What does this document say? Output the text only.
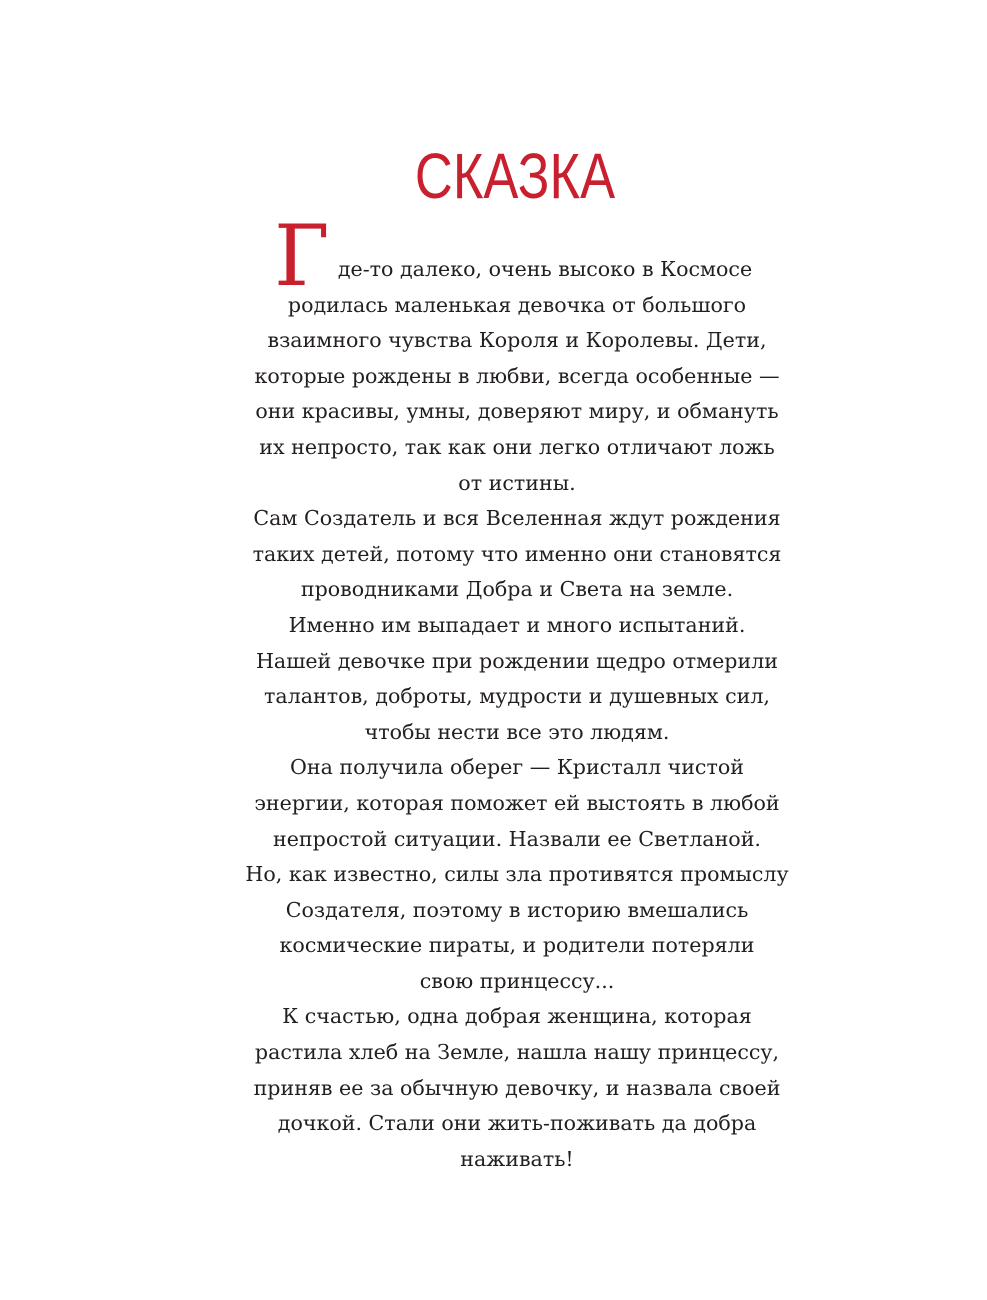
СКАЗКА
Г де-то далеко, очень высоко в Космосе
родилась маленькая девочка от большого
взаимного чувства Короля и Королевы. Дети,
которые рождены в любви, всегда особенные —
они красивы, умны, доверяют миру, и обмануть
их непросто, так как они легко отличают ложь
от истины.
Сам Создатель и вся Вселенная ждут рождения
таких детей, потому что именно они становятся
проводниками Добра и Света на земле.
Именно им выпадает и много испытаний.
Нашей девочке при рождении щедро отмерили
талантов, доброты, мудрости и душевных сил,
чтобы нести все это людям.
Она получила оберег — Кристалл чистой
энергии, которая поможет ей выстоять в любой
непростой ситуации. Назвали ее Светланой.
Но, как известно, силы зла противятся промыслу
Создателя, поэтому в историю вмешались
космические пираты, и родители потеряли
свою принцессу...
К счастью, одна добрая женщина, которая
растила хлеб на Земле, нашла нашу принцессу,
приняв ее за обычную девочку, и назвала своей
дочкой. Стали они жить-поживать да добра
наживать!
